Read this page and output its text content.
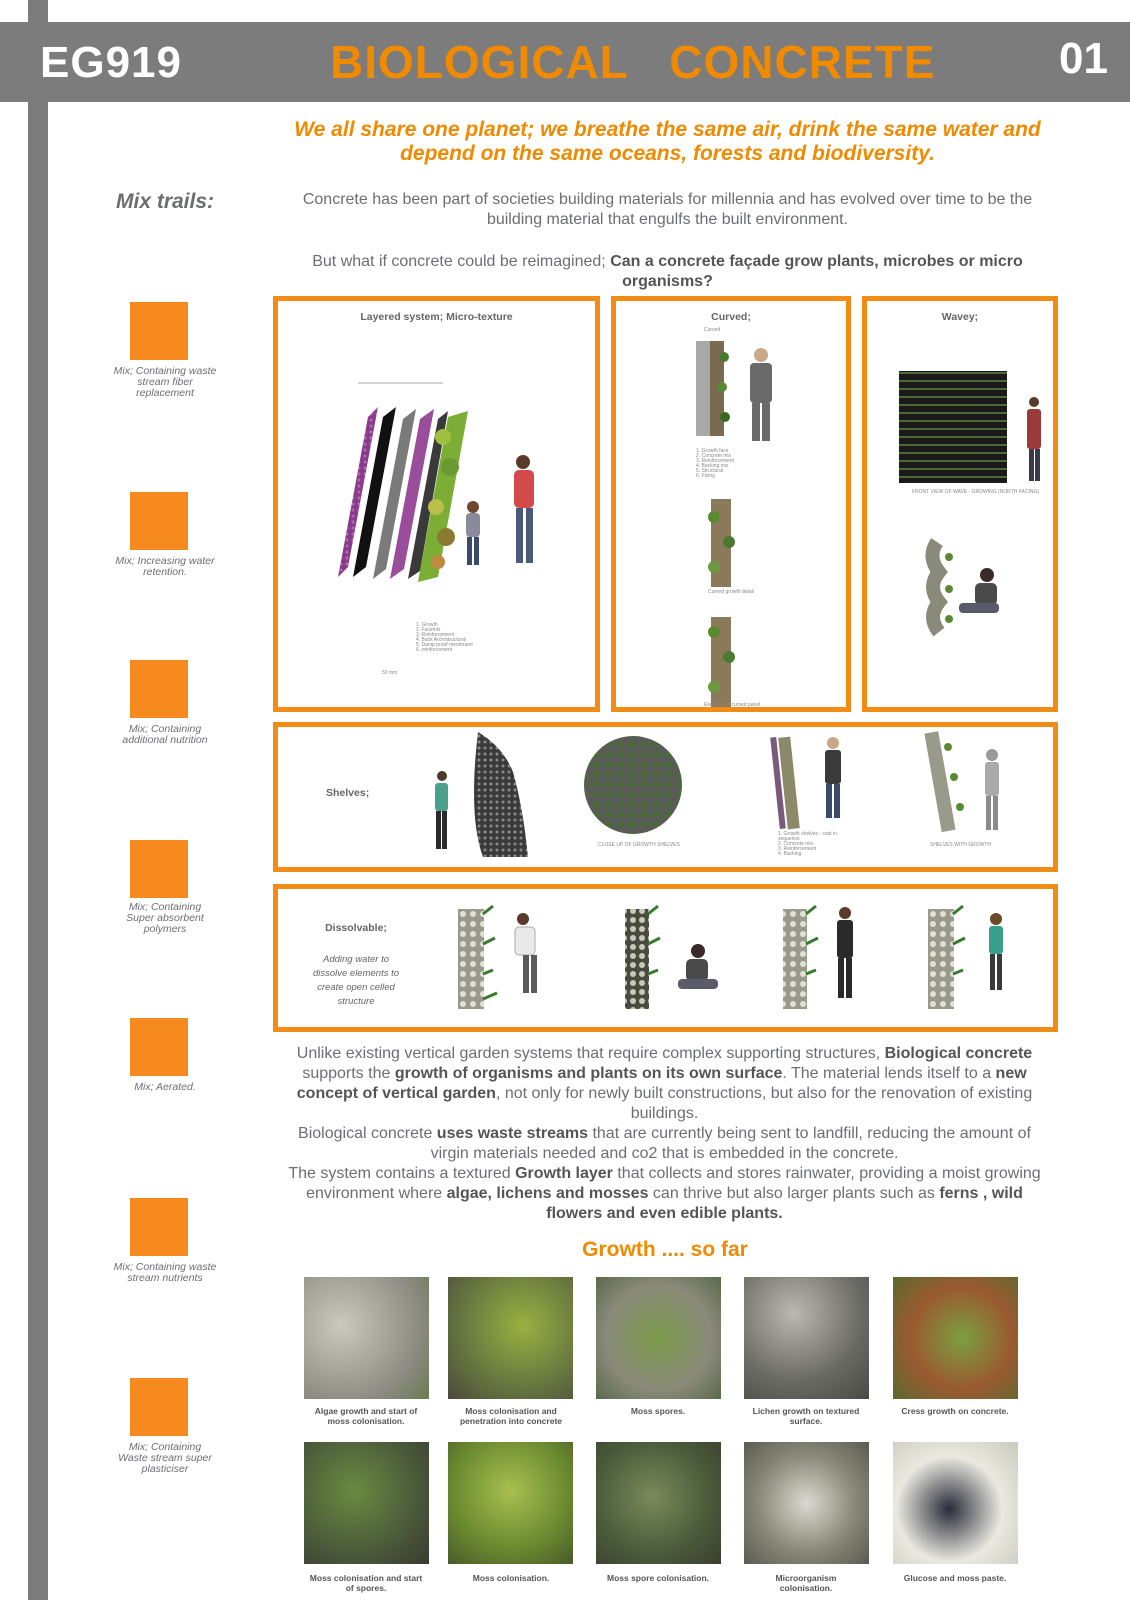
EG919	BIOLOGICAL   CONCRETE	01
We all share one planet; we breathe the same air, drink the same water and
depend on the same oceans, forests and biodiversity.
Mix trails:	Concrete has been part of societies building materials for millennia and has evolved over time to be the
building material that engulfs the built environment.
But what if concrete could be reimagined; Can a concrete façade grow plants, microbes or micro
organisms?
Mix; Containing waste
stream fiber
replacement
Mix; Increasing water
retention.
Mix; Containing
additional nutrition
Mix; Containing
Super absorbent
polymers
Mix; Aerated.
Mix; Containing waste
stream nutrients
Mix; Containing
Waste stream super
plasticiser
Layered system; Micro-texture
50 mm
1. Growth
2. Facemix
3. Reinforcement
4. Back Arch/structural
5. Damp proof membrane
6. reinforcement
Curved;
Curved
1. Growth face
2. Concrete mix
3. Reinforcement
4. Backing mix
5. Structural
6. Fixing
Curved growth detail
Elevation of curved panel
Wavey;
FRONT VIEW OF WAVE - GROWING (NORTH FACING)
Shelves;
CLOSE UP OF GROWTH SHELVES
1. Growth shelves - cast in sequence
2. Concrete mix
3. Reinforcement
4. Backing
SHELVES WITH GROWTH
Dissolvable;
Adding water to
dissolve elements to
create open celled
structure
Unlike existing vertical garden systems that require complex supporting structures, Biological concrete
supports the growth of organisms and plants on its own surface. The material lends itself to a new
concept of vertical garden, not only for newly built constructions, but also for the renovation of existing
buildings.
Biological concrete uses waste streams that are currently being sent to landfill, reducing the amount of
virgin materials needed and co2 that is embedded in the concrete.
The system contains a textured Growth layer that collects and stores rainwater, providing a moist growing
environment where algae, lichens and mosses can thrive but also larger plants such as ferns , wild
flowers and even edible plants.
Growth .... so far
Algae growth and start of
moss colonisation.
Moss colonisation and
penetration into concrete
Moss spores.	Lichen growth on textured
surface.
Cress growth on concrete.
Moss colonisation and start
of spores.
Moss colonisation.	Moss spore colonisation.	Microorganism
colonisation.
Glucose and moss paste.
